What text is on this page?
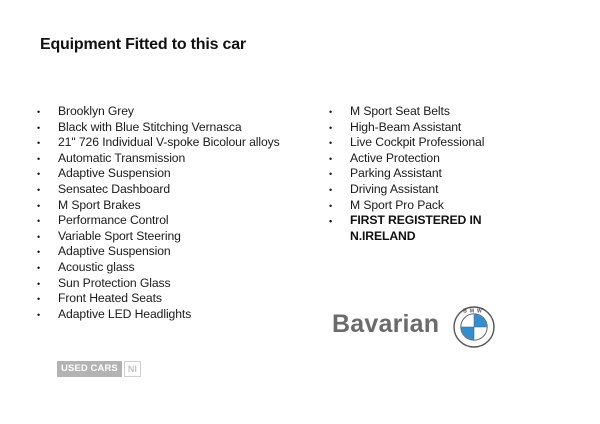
Equipment Fitted to this car
• Brooklyn Grey
• Black with Blue Stitching Vernasca
• 21" 726 Individual V-spoke Bicolour alloys
• Automatic Transmission
• Adaptive Suspension
• Sensatec Dashboard
• M Sport Brakes
• Performance Control
• Variable Sport Steering
• Adaptive Suspension
• Acoustic glass
• Sun Protection Glass
• Front Heated Seats
• Adaptive LED Headlights
• M Sport Seat Belts
• High-Beam Assistant
• Live Cockpit Professional
• Active Protection
• Parking Assistant
• Driving Assistant
• M Sport Pro Pack
• FIRST REGISTERED IN N.IRELAND
Bavarian	BMW
USED CARS	NI
